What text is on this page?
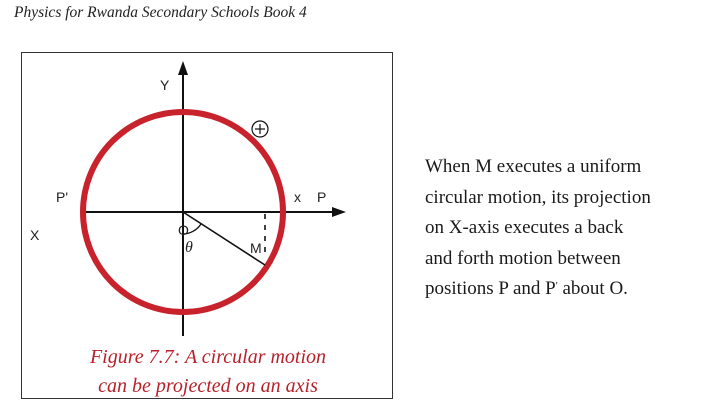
Physics for Rwanda Secondary Schools Book 4
Y
X
P'	x P
O
M
θ
Figure 7.7: A circular motion
can be projected on an axis
When M executes a uniform
circular motion, its projection
on X-axis executes a back
and forth motion between
positions P and P' about O.
